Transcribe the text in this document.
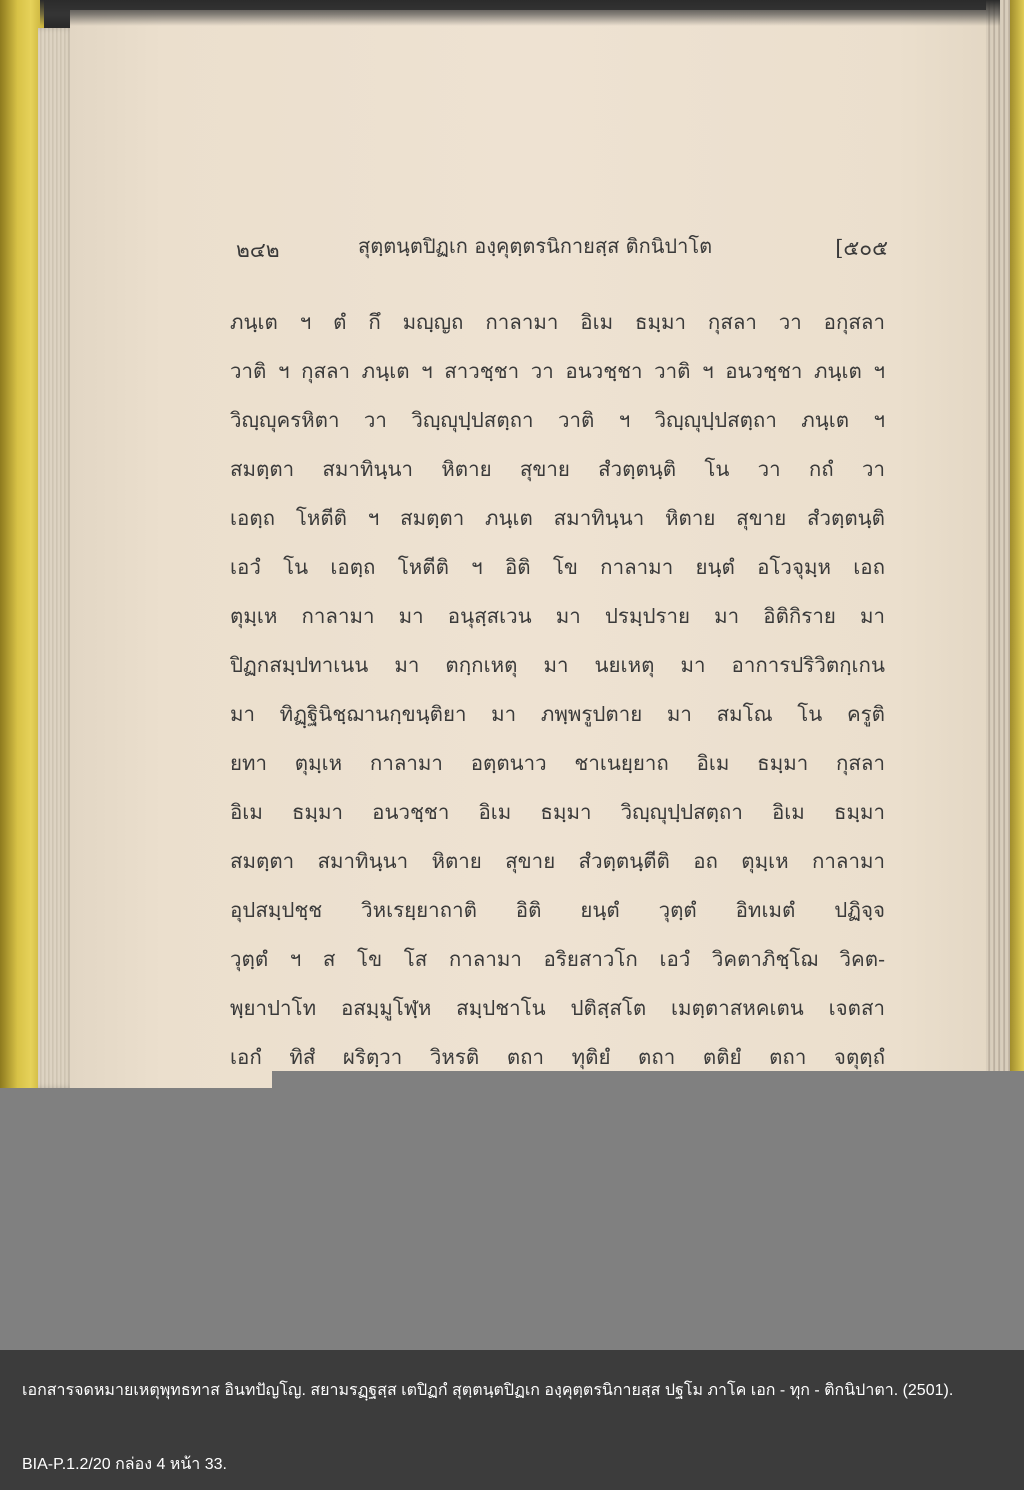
๒๔๒	สุตฺตนฺตปิฏเก องฺคุตฺตรนิกายสฺส ติกนิปาโต	[๕๐๕
ภนฺเต ฯ ตํ กึ มญฺญถ กาลามา อิเม ธมฺมา กุสลา วา อกุสลา
วาติ ฯ กุสลา ภนฺเต ฯ สาวชฺชา วา อนวชฺชา วาติ ฯ อนวชฺชา ภนฺเต ฯ
วิญฺญุครหิตา วา วิญฺญุปฺปสตฺถา วาติ ฯ วิญฺญุปฺปสตฺถา ภนฺเต ฯ
สมตฺตา สมาทินฺนา หิตาย สุขาย สํวตฺตนฺติ โน วา กถํ วา
เอตฺถ โหตีติ ฯ สมตฺตา ภนฺเต สมาทินฺนา หิตาย สุขาย สํวตฺตนฺติ
เอวํ โน เอตฺถ โหตีติ ฯ อิติ โข กาลามา ยนฺตํ อโวจุมฺห เอถ
ตุมฺเห กาลามา มา อนุสฺสเวน มา ปรมฺปราย มา อิติกิราย มา
ปิฏกสมฺปทาเนน มา ตกฺกเหตุ มา นยเหตุ มา อาการปริวิตกฺเกน
มา ทิฏฺฐินิชฺฌานกฺขนฺติยา มา ภพฺพรูปตาย มา สมโณ โน ครูติ
ยทา ตุมฺเห กาลามา อตฺตนาว ชาเนยฺยาถ อิเม ธมฺมา กุสลา
อิเม ธมฺมา อนวชฺชา อิเม ธมฺมา วิญฺญุปฺปสตฺถา อิเม ธมฺมา
สมตฺตา สมาทินฺนา หิตาย สุขาย สํวตฺตนฺตีติ อถ ตุมฺเห กาลามา
อุปสมฺปชฺช วิหเรยฺยาถาติ อิติ ยนฺตํ วุตฺตํ อิทเมตํ ปฏิจฺจ
วุตฺตํ ฯ ส โข โส กาลามา อริยสาวโก เอวํ วิคตาภิชฺโฌ วิคต-
พฺยาปาโท อสมฺมูโฬฺห สมฺปชาโน ปติสฺสโต เมตฺตาสหคเตน เจตสา
เอกํ ทิสํ ผริตฺวา วิหรติ ตถา ทุติยํ ตถา ตติยํ ตถา จตุตฺถํ
เอกสารจดหมายเหตุพุทธทาส อินทปัญโญ. สยามรฏฺฐสฺส เตปิฏกํ สุตฺตนฺตปิฏเก องฺคุตฺตรนิกายสฺส ปฐโม ภาโค เอก - ทุก - ติกนิปาตา. (2501).
BIA-P.1.2/20 กล่อง 4 หน้า 33.
